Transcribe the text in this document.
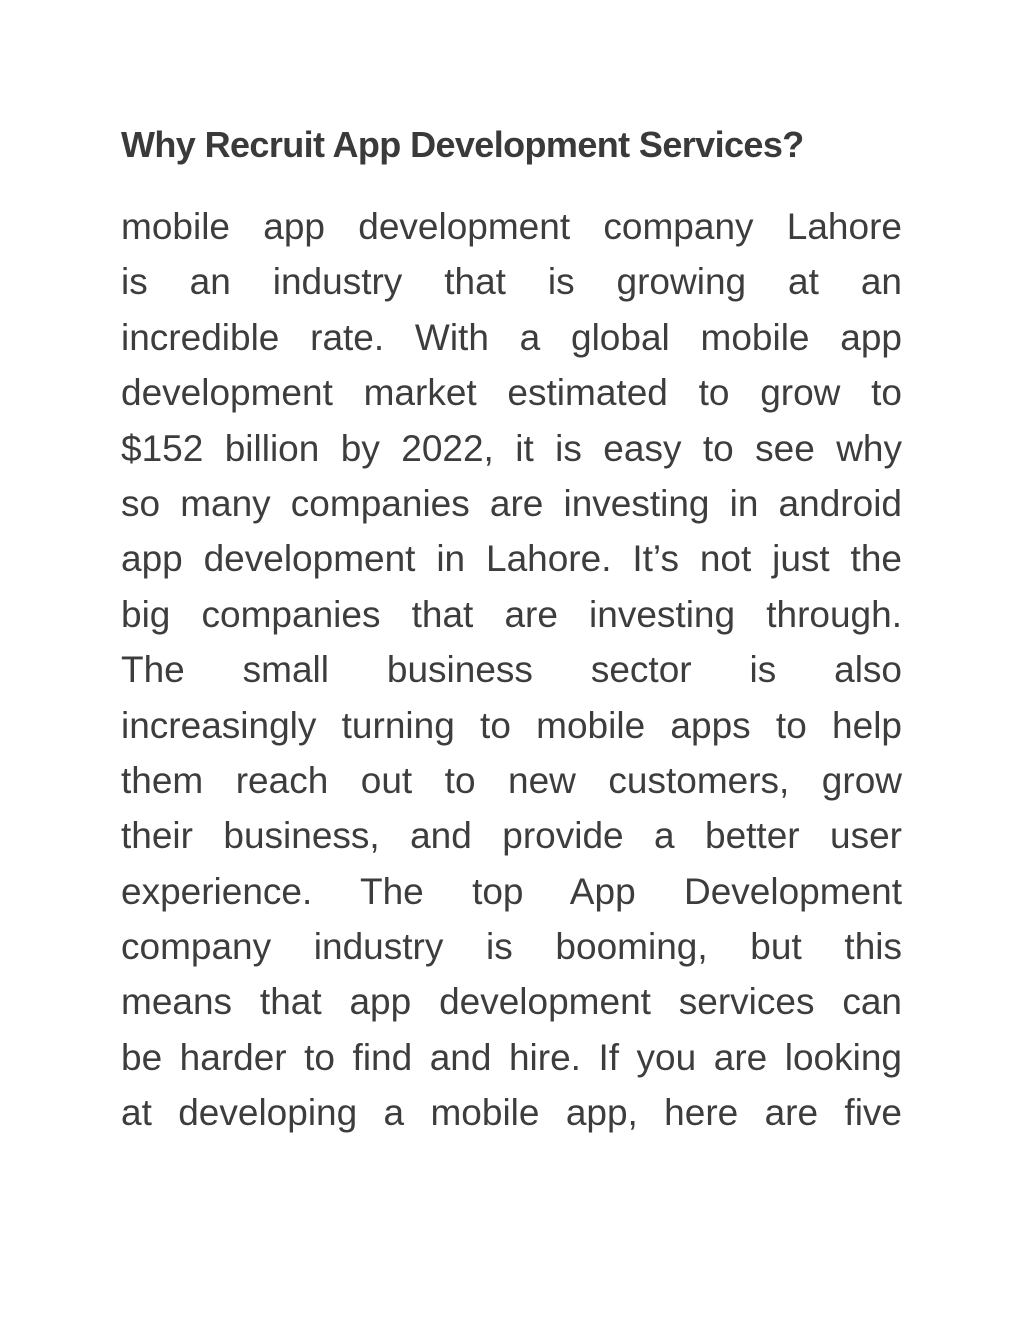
Why Recruit App Development Services?
mobile app development company Lahore
is an industry that is growing at an
incredible rate. With a global mobile app
development market estimated to grow to
$152 billion by 2022, it is easy to see why
so many companies are investing in android
app development in Lahore. It’s not just the
big companies that are investing through.
The small business sector is also
increasingly turning to mobile apps to help
them reach out to new customers, grow
their business, and provide a better user
experience. The top App Development
company industry is booming, but this
means that app development services can
be harder to find and hire. If you are looking
at developing a mobile app, here are five
